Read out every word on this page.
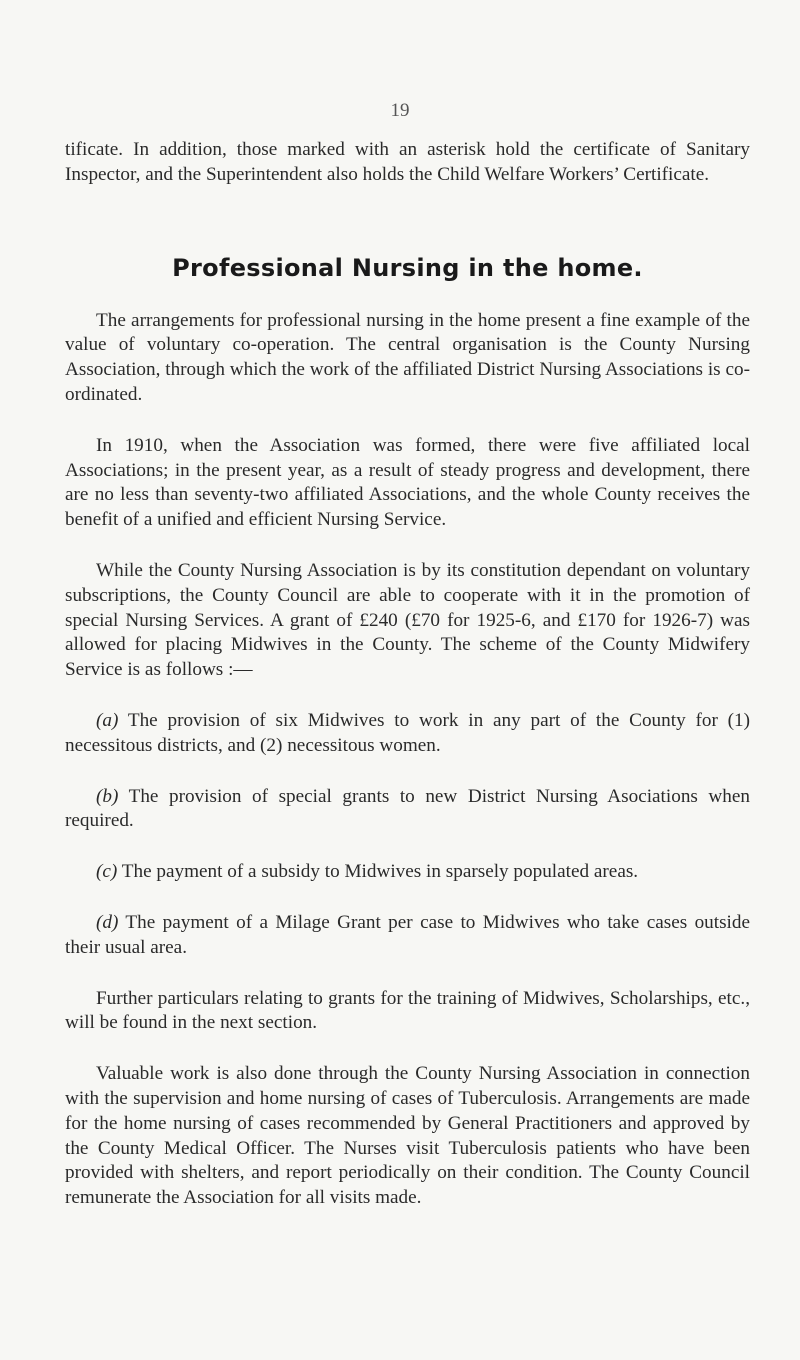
19

tificate. In addition, those marked with an asterisk hold the certificate of Sanitary Inspector, and the Superintendent also holds the Child Welfare Workers’ Certificate.

Professional Nursing in the home.

The arrangements for professional nursing in the home present a fine example of the value of voluntary co-operation. The central organisation is the County Nursing Association, through which the work of the affiliated District Nursing Associations is co-ordinated.

In 1910, when the Association was formed, there were five affiliated local Associations; in the present year, as a result of steady progress and development, there are no less than seventy-two affiliated Associations, and the whole County receives the benefit of a unified and efficient Nursing Service.

While the County Nursing Association is by its constitution dependant on voluntary subscriptions, the County Council are able to cooperate with it in the promotion of special Nursing Services. A grant of £240 (£70 for 1925-6, and £170 for 1926-7) was allowed for placing Midwives in the County. The scheme of the County Midwifery Service is as follows :—

(a) The provision of six Midwives to work in any part of the County for (1) necessitous districts, and (2) necessitous women.

(b) The provision of special grants to new District Nursing Asociations when required.

(c) The payment of a subsidy to Midwives in sparsely populated areas.

(d) The payment of a Milage Grant per case to Midwives who take cases outside their usual area.

Further particulars relating to grants for the training of Midwives, Scholarships, etc., will be found in the next section.

Valuable work is also done through the County Nursing Association in connection with the supervision and home nursing of cases of Tuberculosis. Arrangements are made for the home nursing of cases recommended by General Practitioners and approved by the County Medical Officer. The Nurses visit Tuberculosis patients who have been provided with shelters, and report periodically on their condition. The County Council remunerate the Association for all visits made.
